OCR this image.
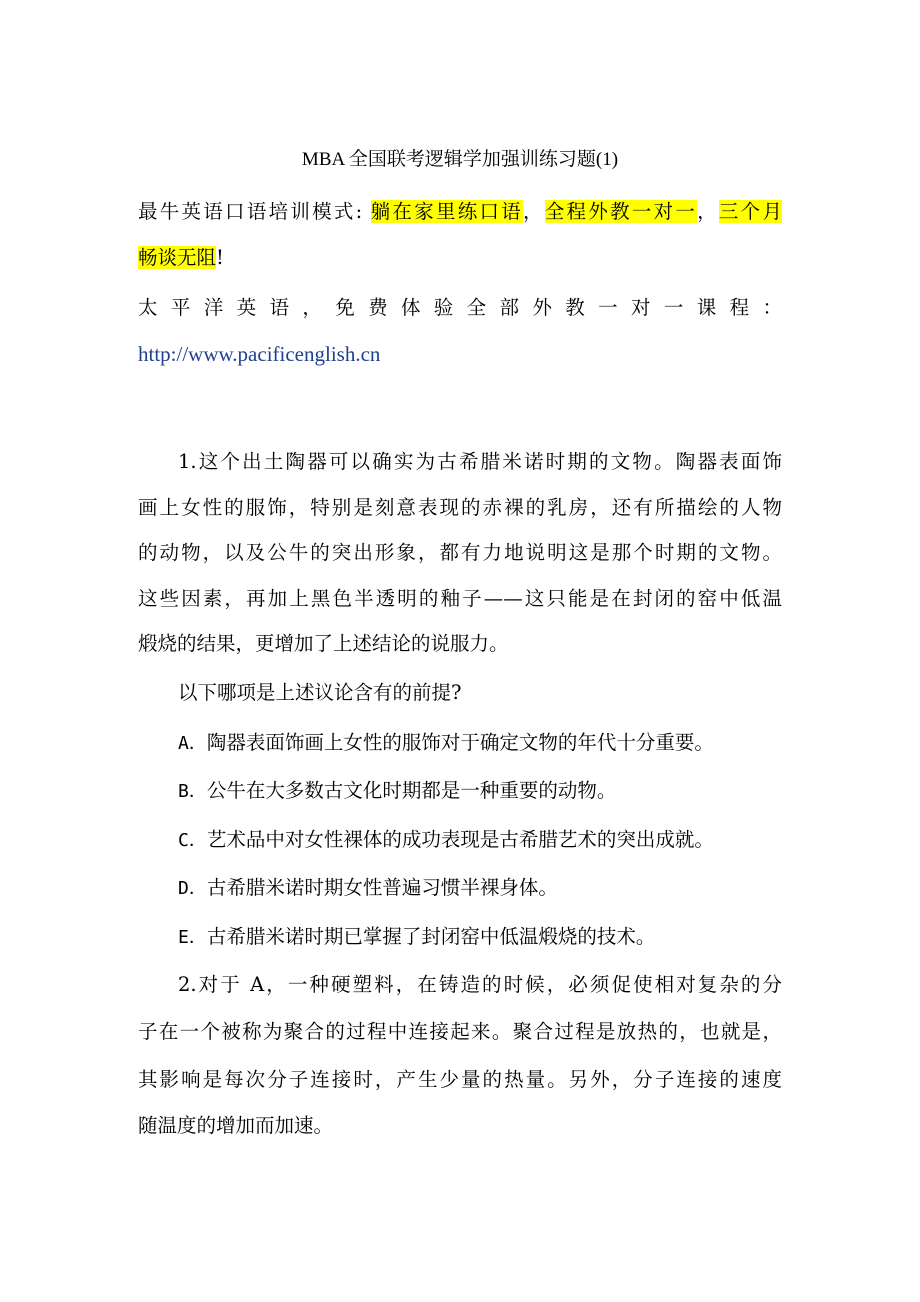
MBA 全国联考逻辑学加强训练习题(1)
最牛英语口语培训模式: 躺在家里练口语，全程外教一对一，三个月
畅谈无阻!
太平洋英语，免费体验全部外教一对一课程：
http://www.pacificenglish.cn
1.这个出土陶器可以确实为古希腊米诺时期的文物。陶器表面饰
画上女性的服饰，特别是刻意表现的赤裸的乳房，还有所描绘的人物
的动物，以及公牛的突出形象，都有力地说明这是那个时期的文物。
这些因素，再加上黑色半透明的釉子——这只能是在封闭的窑中低温
煅烧的结果，更增加了上述结论的说服力。
以下哪项是上述议论含有的前提?
A．陶器表面饰画上女性的服饰对于确定文物的年代十分重要。
B．公牛在大多数古文化时期都是一种重要的动物。
C．艺术品中对女性裸体的成功表现是古希腊艺术的突出成就。
D．古希腊米诺时期女性普遍习惯半裸身体。
E．古希腊米诺时期已掌握了封闭窑中低温煅烧的技术。
2.对于 A，一种硬塑料，在铸造的时候，必须促使相对复杂的分
子在一个被称为聚合的过程中连接起来。聚合过程是放热的，也就是，
其影响是每次分子连接时，产生少量的热量。另外，分子连接的速度
随温度的增加而加速。
